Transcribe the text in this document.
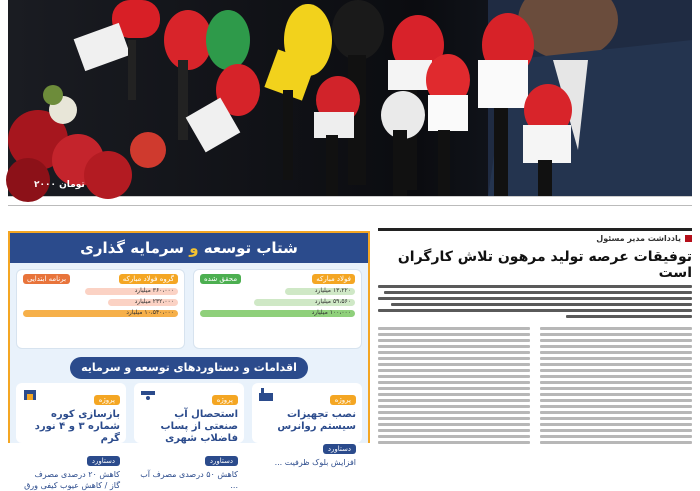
۲۰۰۰ تومان
شتاب توسعه و سرمایه گذاری
فولاد مبارکه
محقق شده
۱۳،۲۲۰ میلیارد
۵۹،۵۶۰ میلیارد
۱۰۰،۰۰۰ میلیارد
گروه فولاد مبارکه
برنامه ابتدایی
۳۶۰،۰۰۰ میلیارد
۲۳۲،۰۰۰ میلیارد
۱۰،۵۴۰،۰۰۰ میلیارد
اقدامات و دستاوردهای توسعه و سرمایه
پروژه
نصب تجهیزات سیستم روانرس
دستاورد
افزایش بلوک ظرفیت ...
پروژه
استحصال آب صنعتی از پساب فاضلاب شهری
دستاورد
کاهش ۵۰ درصدی مصرف آب ...
پروژه
بازسازی کوره شماره ۳ و ۴ نورد گرم
دستاورد
کاهش ۲۰ درصدی مصرف گاز / کاهش عیوب کیفی ورق
یادداشت مدیر مسئول
توفیقات عرصه تولید مرهون تلاش کارگران است
